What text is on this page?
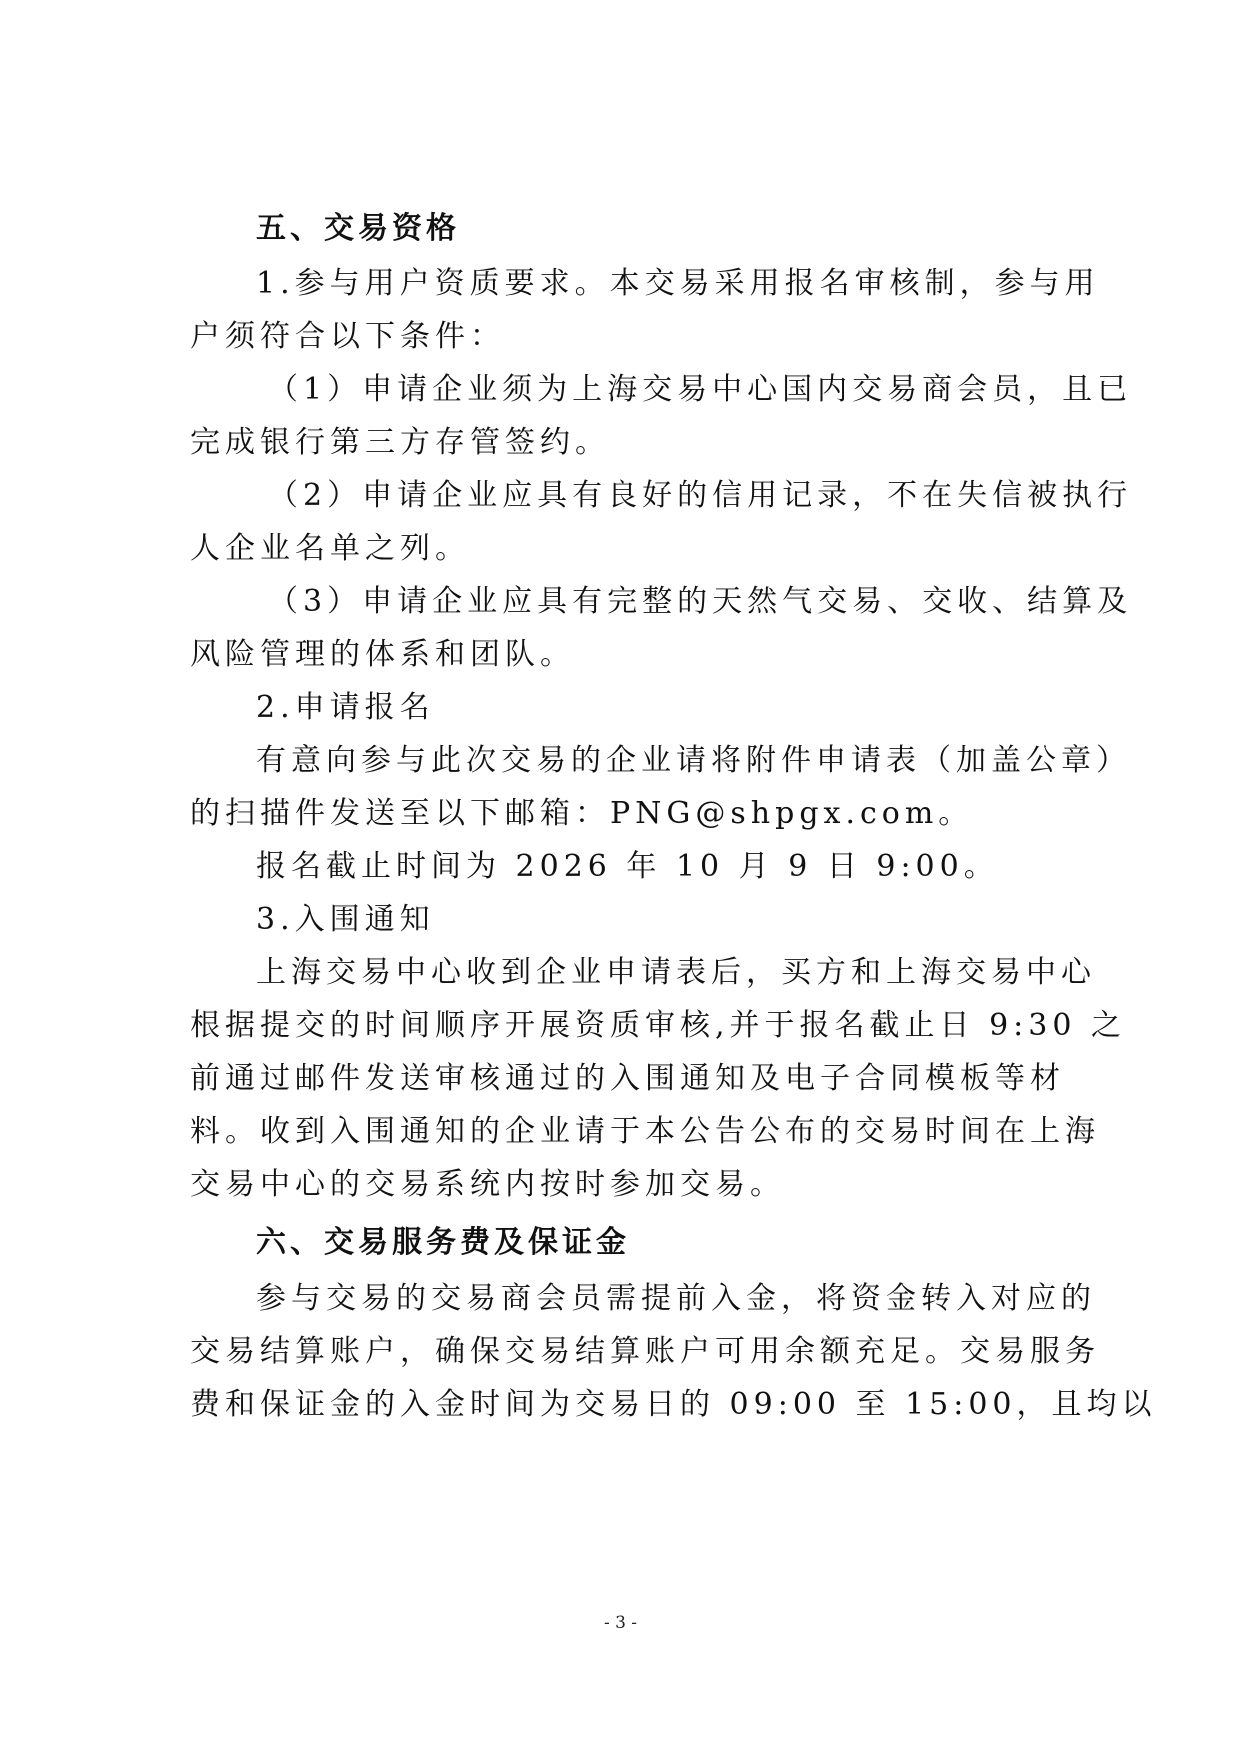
五、交易资格
1.参与用户资质要求。本交易采用报名审核制，参与用
户须符合以下条件：
（1）申请企业须为上海交易中心国内交易商会员，且已
完成银行第三方存管签约。
（2）申请企业应具有良好的信用记录，不在失信被执行
人企业名单之列。
（3）申请企业应具有完整的天然气交易、交收、结算及
风险管理的体系和团队。
2.申请报名
有意向参与此次交易的企业请将附件申请表（加盖公章）
的扫描件发送至以下邮箱：PNG@shpgx.com。
报名截止时间为 2026 年 10 月 9 日 9:00。
3.入围通知
上海交易中心收到企业申请表后，买方和上海交易中心
根据提交的时间顺序开展资质审核,并于报名截止日 9:30 之
前通过邮件发送审核通过的入围通知及电子合同模板等材
料。收到入围通知的企业请于本公告公布的交易时间在上海
交易中心的交易系统内按时参加交易。
六、交易服务费及保证金
参与交易的交易商会员需提前入金，将资金转入对应的
交易结算账户，确保交易结算账户可用余额充足。交易服务
费和保证金的入金时间为交易日的 09:00 至 15:00，且均以
- 3 -
